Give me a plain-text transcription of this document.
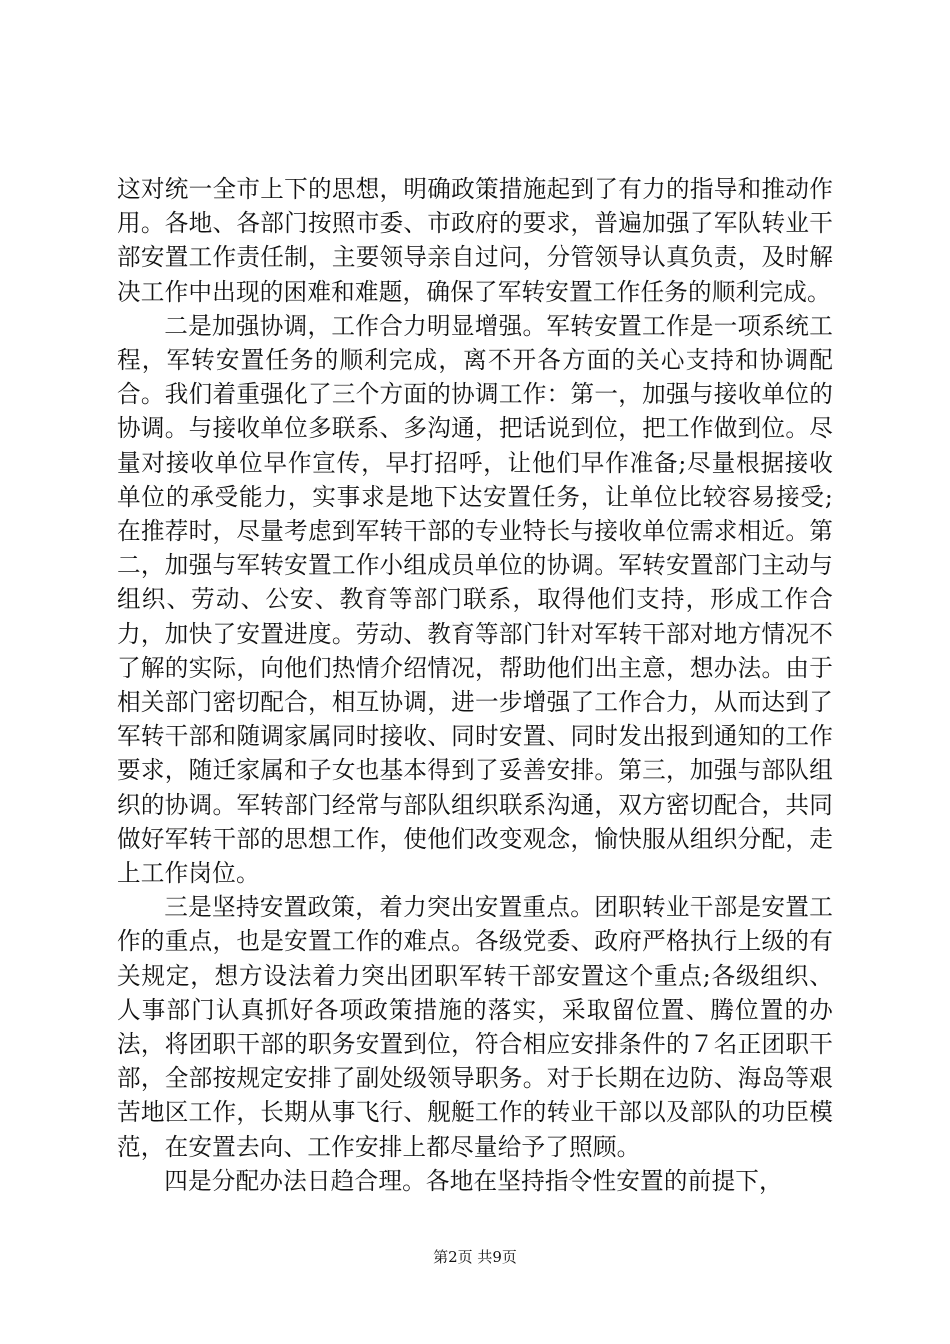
这对统一全市上下的思想，明确政策措施起到了有力的指导和推动作用。各地、各部门按照市委、市政府的要求，普遍加强了军队转业干部安置工作责任制，主要领导亲自过问，分管领导认真负责，及时解决工作中出现的困难和难题，确保了军转安置工作任务的顺利完成。

二是加强协调，工作合力明显增强。军转安置工作是一项系统工程，军转安置任务的顺利完成，离不开各方面的关心支持和协调配合。我们着重强化了三个方面的协调工作：第一，加强与接收单位的协调。与接收单位多联系、多沟通，把话说到位，把工作做到位。尽量对接收单位早作宣传，早打招呼，让他们早作准备;尽量根据接收单位的承受能力，实事求是地下达安置任务，让单位比较容易接受;在推荐时，尽量考虑到军转干部的专业特长与接收单位需求相近。第二，加强与军转安置工作小组成员单位的协调。军转安置部门主动与组织、劳动、公安、教育等部门联系，取得他们支持，形成工作合力，加快了安置进度。劳动、教育等部门针对军转干部对地方情况不了解的实际，向他们热情介绍情况，帮助他们出主意，想办法。由于相关部门密切配合，相互协调，进一步增强了工作合力，从而达到了军转干部和随调家属同时接收、同时安置、同时发出报到通知的工作要求，随迁家属和子女也基本得到了妥善安排。第三，加强与部队组织的协调。军转部门经常与部队组织联系沟通，双方密切配合，共同做好军转干部的思想工作，使他们改变观念，愉快服从组织分配，走上工作岗位。

三是坚持安置政策，着力突出安置重点。团职转业干部是安置工作的重点，也是安置工作的难点。各级党委、政府严格执行上级的有关规定，想方设法着力突出团职军转干部安置这个重点;各级组织、人事部门认真抓好各项政策措施的落实，采取留位置、腾位置的办法，将团职干部的职务安置到位，符合相应安排条件的７名正团职干部，全部按规定安排了副处级领导职务。对于长期在边防、海岛等艰苦地区工作，长期从事飞行、舰艇工作的转业干部以及部队的功臣模范，在安置去向、工作安排上都尽量给予了照顾。

四是分配办法日趋合理。各地在坚持指令性安置的前提下，

第2页 共9页
